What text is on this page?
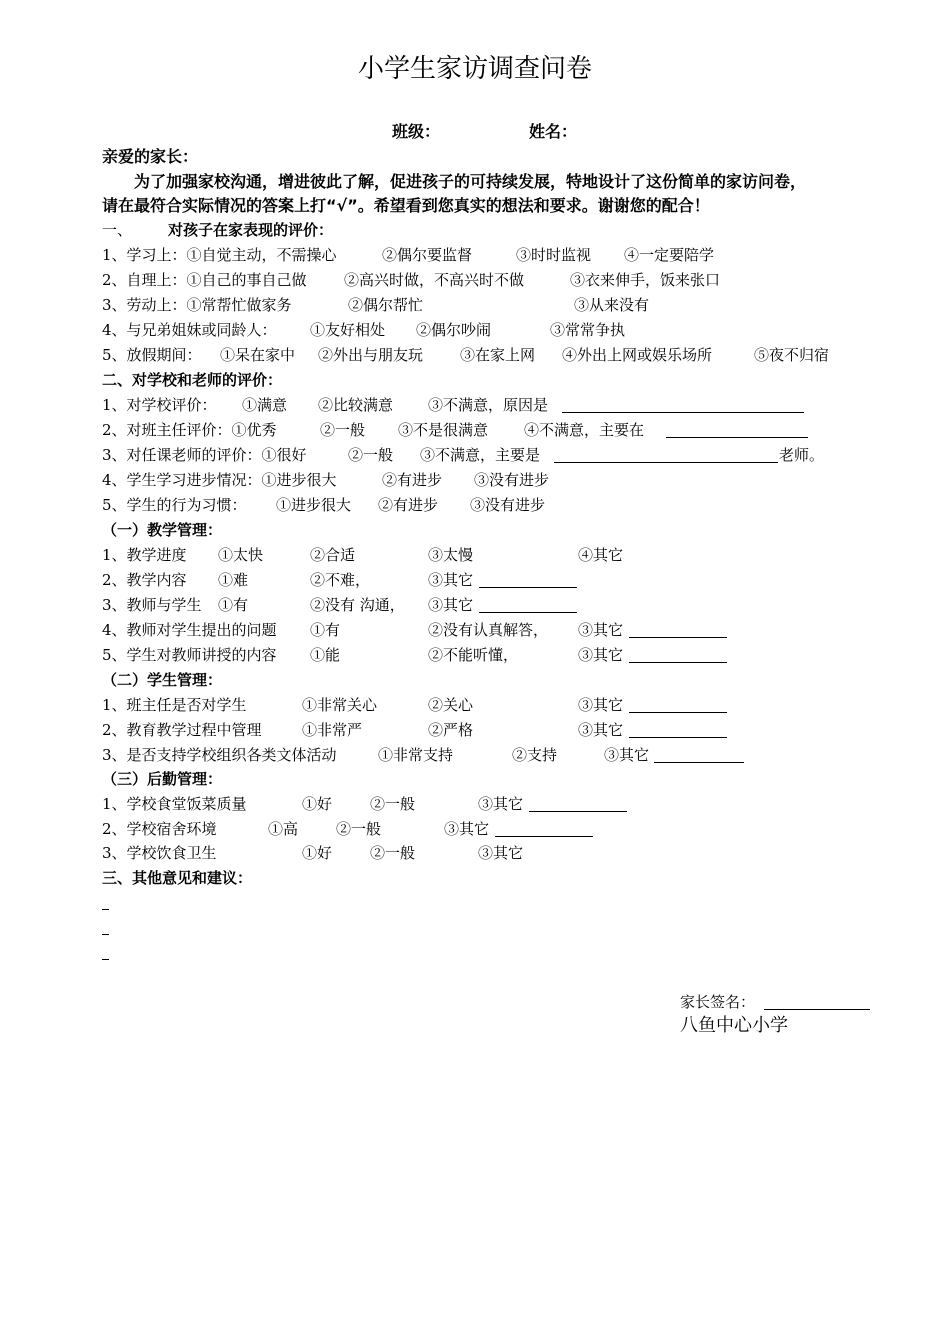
小学生家访调查问卷
班级：	姓名：
亲爱的家长：
为了加强家校沟通，增进彼此了解，促进孩子的可持续发展，特地设计了这份简单的家访问卷，
请在最符合实际情况的答案上打“√”。希望看到您真实的想法和要求。谢谢您的配合！
一、 对孩子在家表现的评价：
1、学习上：①自觉主动，不需操心	②偶尔要监督	③时时监视 ④一定要陪学
2、自理上：①自己的事自己做 ②高兴时做，不高兴时不做	③衣来伸手，饭来张口
3、劳动上：①常帮忙做家务	②偶尔帮忙	③从来没有
4、与兄弟姐妹或同龄人： ①友好相处 ②偶尔吵闹	③常常争执
5、放假期间： ①呆在家中 ②外出与朋友玩 ③在家上网 ④外出上网或娱乐场所	⑤夜不归宿
二、对学校和老师的评价：
1、对学校评价： ①满意 ②比较满意 ③不满意，原因是
2、对班主任评价：①优秀	②一般 ③不是很满意 ④不满意，主要在
3、对任课老师的评价：①很好	②一般 ③不满意，主要是	老师。
4、学生学习进步情况：①进步很大	②有进步 ③没有进步
5、学生的行为习惯： ①进步很大 ②有进步 ③没有进步
（一）教学管理：
1、教学进度 ①太快	②合适	③太慢	④其它
2、教学内容 ①难	②不难，	③其它
3、教师与学生 ①有	②没有 沟通， ③其它
4、教师对学生提出的问题 ①有	②没有认真解答， ③其它
5、学生对教师讲授的内容 ①能	②不能听懂，	③其它
（二）学生管理：
1、班主任是否对学生	①非常关心	②关心	③其它
2、教育教学过程中管理	①非常严	②严格	③其它
3、是否支持学校组织各类文体活动	①非常支持	②支持	③其它
（三）后勤管理：
1、学校食堂饭菜质量	①好	②一般	③其它
2、学校宿舍环境	①高	②一般	③其它
3、学校饮食卫生	①好	②一般	③其它
三、其他意见和建议：
家长签名：
八鱼中心小学
